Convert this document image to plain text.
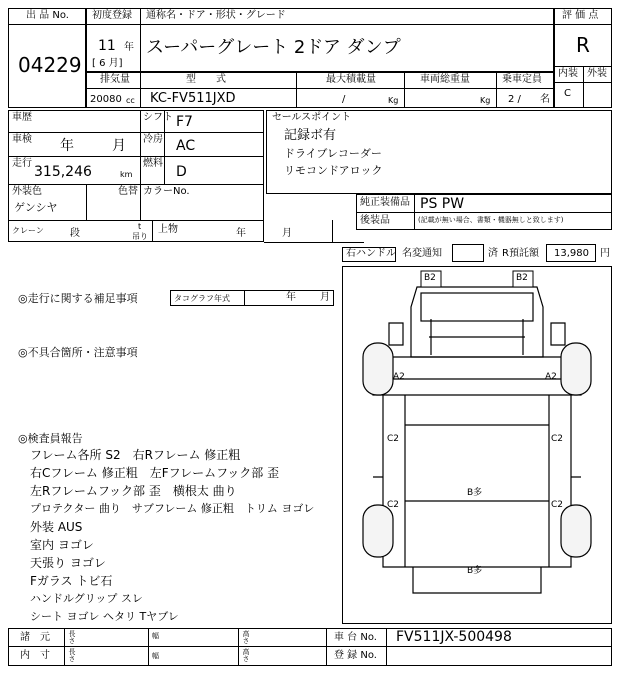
出 品 No.
04229
初度登録 通称名・ドア・形状・グレード
11 年
[ 6 月]
スーパーグレート 2ドア ダンプ
評 価 点
R
内装 外装
C
排気量	型　　式	最大積載量	車両総重量	乗車定員
20080 cc KC-FV511JXD	/	Kg	Kg 2 / 名
車歴	シフト F7
車検 年	月 冷房 AC
走行
315,246	km
燃料
D
外装色
ゲンシヤ
色替 カラーNo.
クレーン	段
t
吊り
上物	年	月
セールスポイント
記録ボ有
ドライブレコーダー
リモコンドアロック
純正装備品 PS PW
後装品	(記載が無い場合、書類・機器無しと致します)
右ハンドル 名変通知	済 R預託額 13,980 円
◎走行に関する補足事項	タコグラフ年式	年 月
◎不具合箇所・注意事項
◎検査員報告
フレーム各所 S2　右Rフレーム 修正粗
右Cフレーム 修正粗　左Fフレームフック部 歪
左Rフレームフック部 歪　横根太 曲り
プロテクター 曲り　サブフレーム 修正粗　トリム ヨゴレ
外装 AUS
室内 ヨゴレ
天張り ヨゴレ
Fガラス トビ石
ハンドルグリップ スレ
シート ヨゴレ ヘタリ Tヤブレ
B2	B2
A2	A2
C2	C2
C2	C2
B多
B多
諸　元	長さ	幅	高さ	車 台 No. FV511JX-500498
内　寸	長さ	幅	高さ	登 録 No.
